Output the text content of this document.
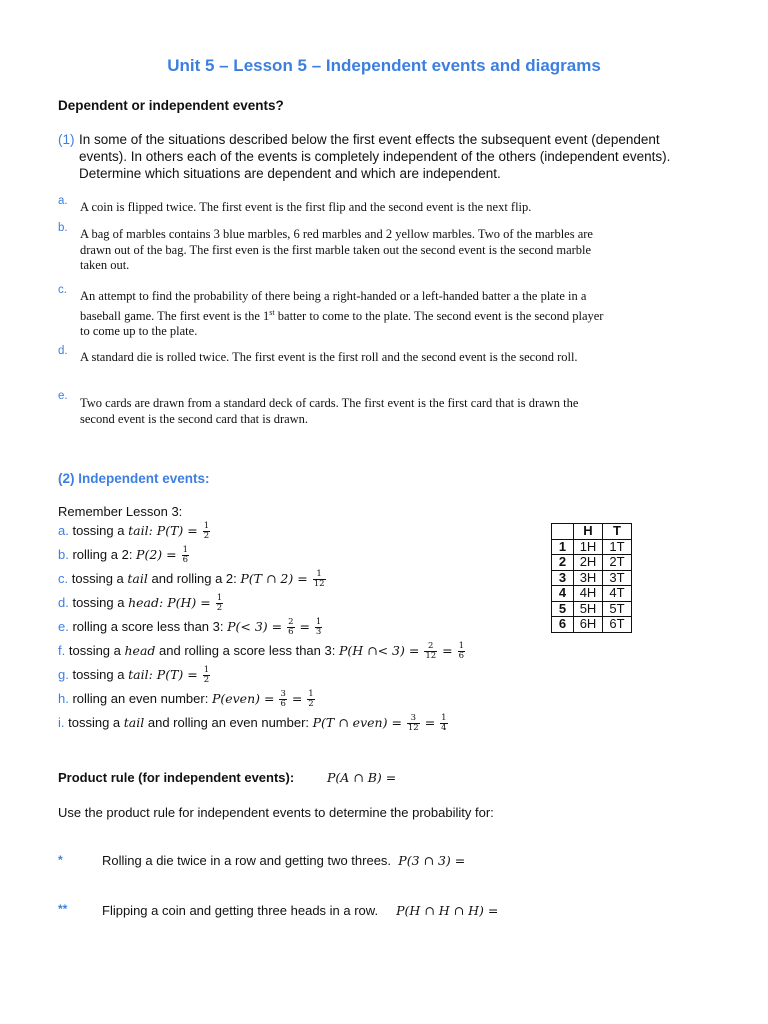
Unit 5 – Lesson 5 – Independent events and diagrams
Dependent or independent events?
(1) In some of the situations described below the first event effects the subsequent event (dependent events). In others each of the events is completely independent of the others (independent events). Determine which situations are dependent and which are independent.
a. A coin is flipped twice. The first event is the first flip and the second event is the next flip.
b. A bag of marbles contains 3 blue marbles, 6 red marbles and 2 yellow marbles. Two of the marbles are drawn out of the bag. The first even is the first marble taken out the second event is the second marble taken out.
c. An attempt to find the probability of there being a right-handed or a left-handed batter a the plate in a baseball game. The first event is the 1st batter to come to the plate. The second event is the second player to come up to the plate.
d. A standard die is rolled twice. The first event is the first roll and the second event is the second roll.
e. Two cards are drawn from a standard deck of cards. The first event is the first card that is drawn the second event is the second card that is drawn.
(2) Independent events:
Remember Lesson 3:
a. tossing a tail: $P(T) = \frac{1}{2}$
b. rolling a 2: $P(2) = \frac{1}{6}$
c. tossing a tail and rolling a 2: P(T ∩ $2) = \frac{1}{12}$
d. tossing a head: $P(H) = \frac{1}{2}$
e. rolling a score less than 3: $P(< 3) = \frac{2}{6} = \frac{1}{3}$
f. tossing a head and rolling a score less than 3: P(H ∩< $3) = \frac{2}{12} = \frac{1}{6}$
g. tossing a tail: $P(T) = \frac{1}{2}$
h. rolling an even number: P(even) = $\frac{3}{6} = \frac{1}{2}$
i. tossing a tail and rolling an even number: P(T ∩ even) = $\frac{3}{12} = \frac{1}{4}$
	H	T
1	1H	1T
2	2H	2T
3	3H	3T
4	4H	4T
5	5H	5T
6	6H	6T
Product rule (for independent events):	P(A ∩ B) =
Use the product rule for independent events to determine the probability for:
*	Rolling a die twice in a row and getting two threes. P(3 ∩ 3) =
**	Flipping a coin and getting three heads in a row. P(H ∩ H ∩ H) =
